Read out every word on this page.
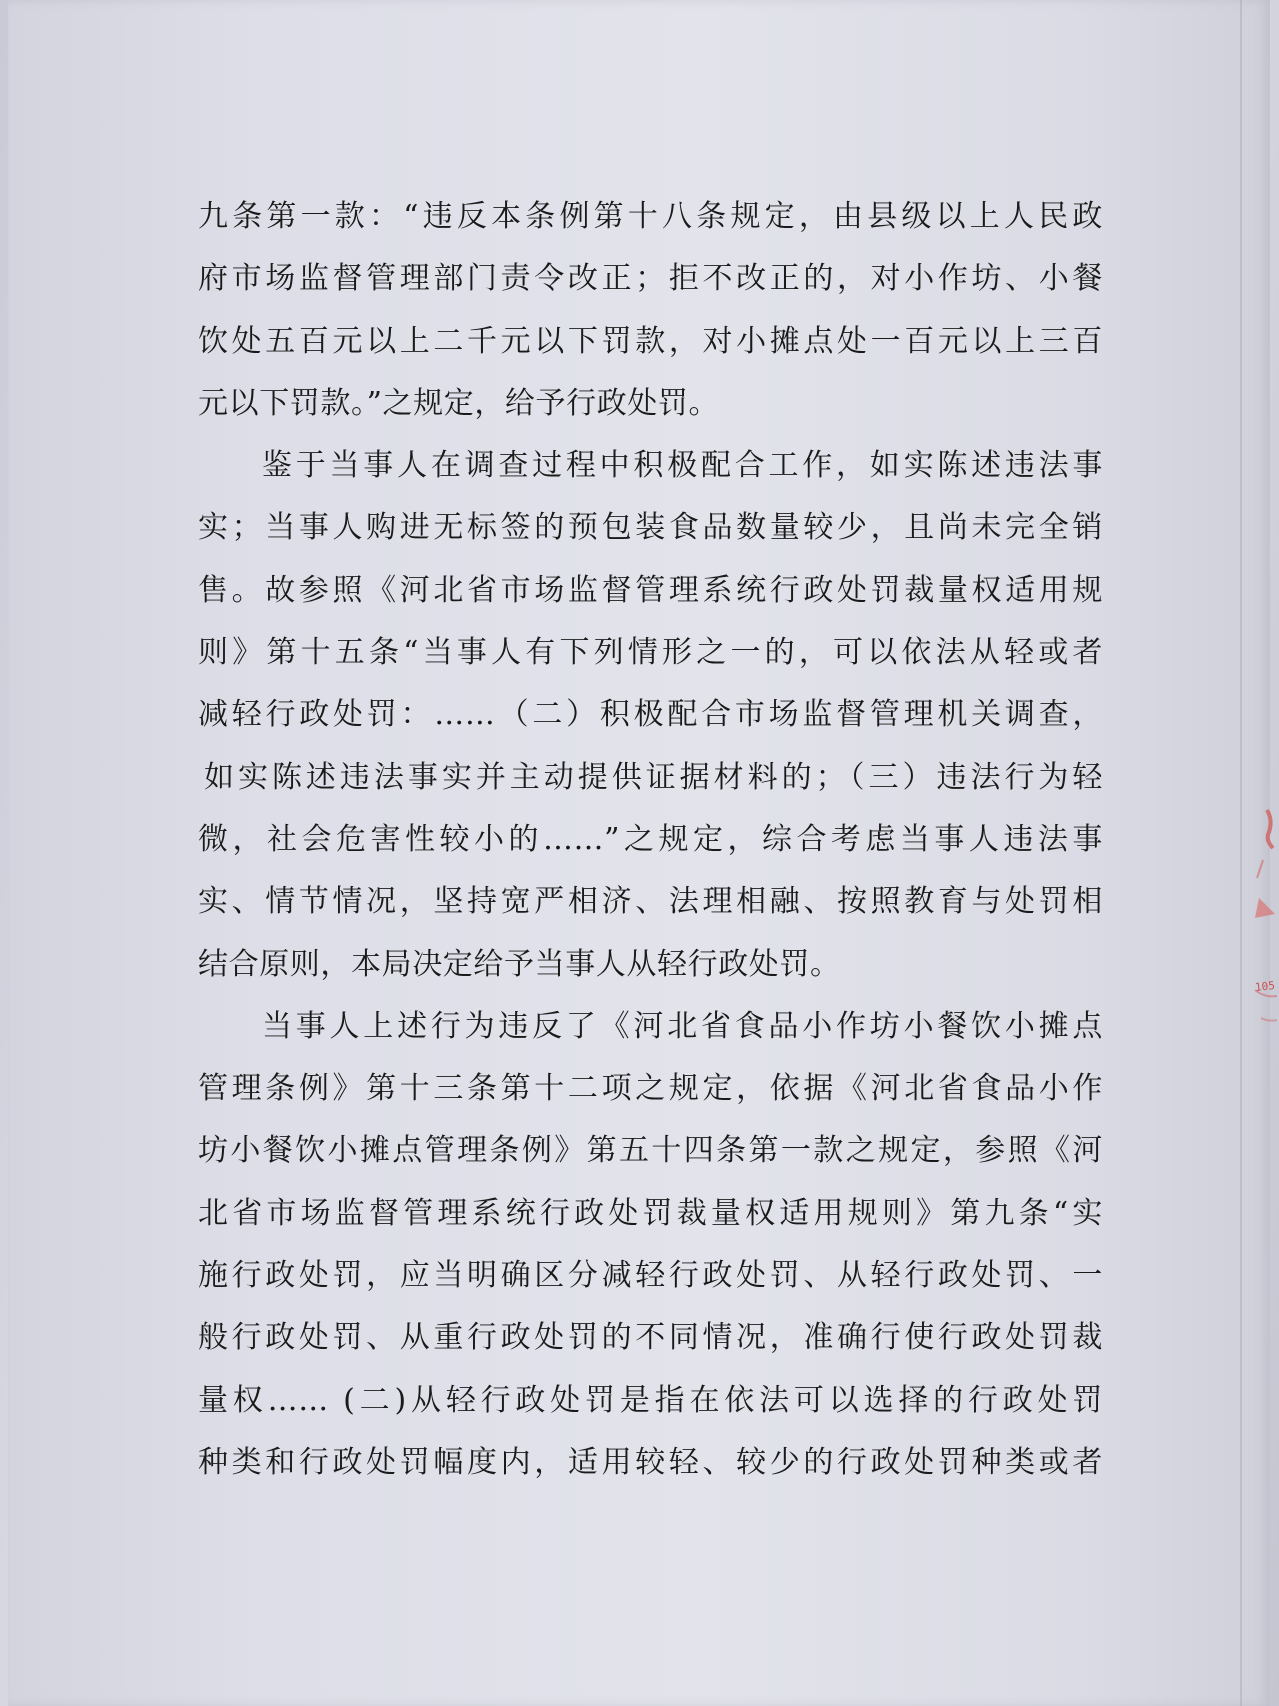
九条第一款：“违反本条例第十八条规定，由县级以上人民政
府市场监督管理部门责令改正；拒不改正的，对小作坊、小餐
饮处五百元以上二千元以下罚款，对小摊点处一百元以上三百
元以下罚款。”之规定，给予行政处罚。
鉴于当事人在调查过程中积极配合工作，如实陈述违法事
实；当事人购进无标签的预包装食品数量较少，且尚未完全销
售。故参照《河北省市场监督管理系统行政处罚裁量权适用规
则》第十五条“当事人有下列情形之一的，可以依法从轻或者
减轻行政处罚：……（二）积极配合市场监督管理机关调查，
如实陈述违法事实并主动提供证据材料的；（三）违法行为轻
微，社会危害性较小的……”之规定，综合考虑当事人违法事
实、情节情况，坚持宽严相济、法理相融、按照教育与处罚相
结合原则，本局决定给予当事人从轻行政处罚。
当事人上述行为违反了《河北省食品小作坊小餐饮小摊点
管理条例》第十三条第十二项之规定，依据《河北省食品小作
坊小餐饮小摊点管理条例》第五十四条第一款之规定，参照《河
北省市场监督管理系统行政处罚裁量权适用规则》第九条“实
施行政处罚，应当明确区分减轻行政处罚、从轻行政处罚、一
般行政处罚、从重行政处罚的不同情况，准确行使行政处罚裁
量权…… (二)从轻行政处罚是指在依法可以选择的行政处罚
种类和行政处罚幅度内，适用较轻、较少的行政处罚种类或者
105
